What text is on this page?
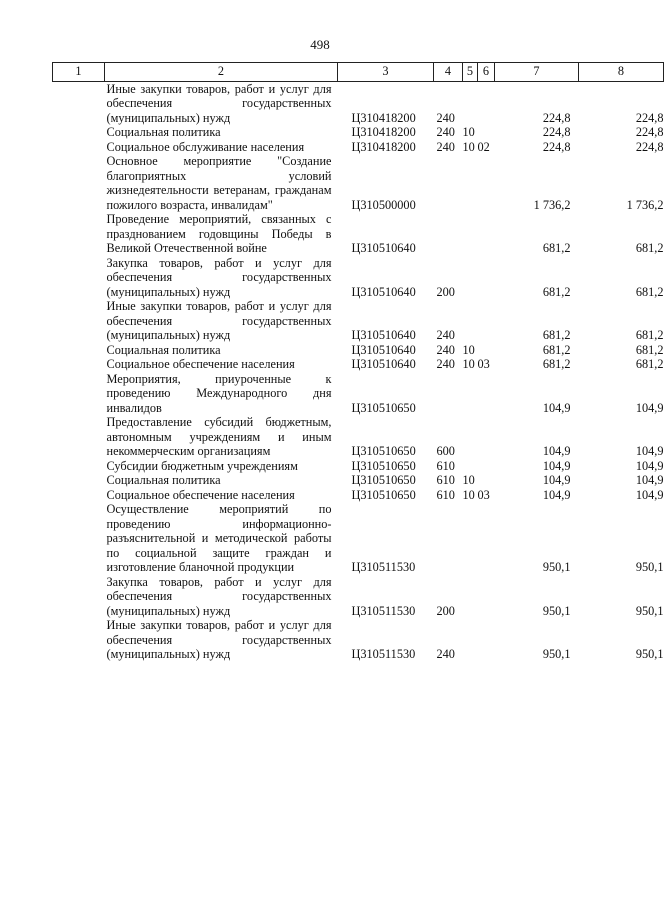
498
1	2	3	4	5	6	7	8
	Иные закупки товаров, работ и услуг для обеспечения государственных (муниципальных) нужд	Ц310418200	240			224,8	224,8
	Социальная политика	Ц310418200	240	10		224,8	224,8
	Социальное обслуживание населения	Ц310418200	240	10	02	224,8	224,8
	Основное мероприятие "Создание благоприятных условий жизнедеятельности ветеранам, гражданам пожилого возраста, инвалидам"	Ц310500000				1 736,2	1 736,2
	Проведение мероприятий, связанных с празднованием годовщины Победы в Великой Отечественной войне	Ц310510640				681,2	681,2
	Закупка товаров, работ и услуг для обеспечения государственных (муниципальных) нужд	Ц310510640	200			681,2	681,2
	Иные закупки товаров, работ и услуг для обеспечения государственных (муниципальных) нужд	Ц310510640	240			681,2	681,2
	Социальная политика	Ц310510640	240	10		681,2	681,2
	Социальное обеспечение населения	Ц310510640	240	10	03	681,2	681,2
	Мероприятия, приуроченные к проведению Международного дня инвалидов	Ц310510650				104,9	104,9
	Предоставление субсидий бюджетным, автономным учреждениям и иным некоммерческим организациям	Ц310510650	600			104,9	104,9
	Субсидии бюджетным учреждениям	Ц310510650	610			104,9	104,9
	Социальная политика	Ц310510650	610	10		104,9	104,9
	Социальное обеспечение населения	Ц310510650	610	10	03	104,9	104,9
	Осуществление мероприятий по проведению информационно-разъяснительной и методической работы по социальной защите граждан и изготовление бланочной продукции	Ц310511530				950,1	950,1
	Закупка товаров, работ и услуг для обеспечения государственных (муниципальных) нужд	Ц310511530	200			950,1	950,1
	Иные закупки товаров, работ и услуг для обеспечения государственных (муниципальных) нужд	Ц310511530	240			950,1	950,1
